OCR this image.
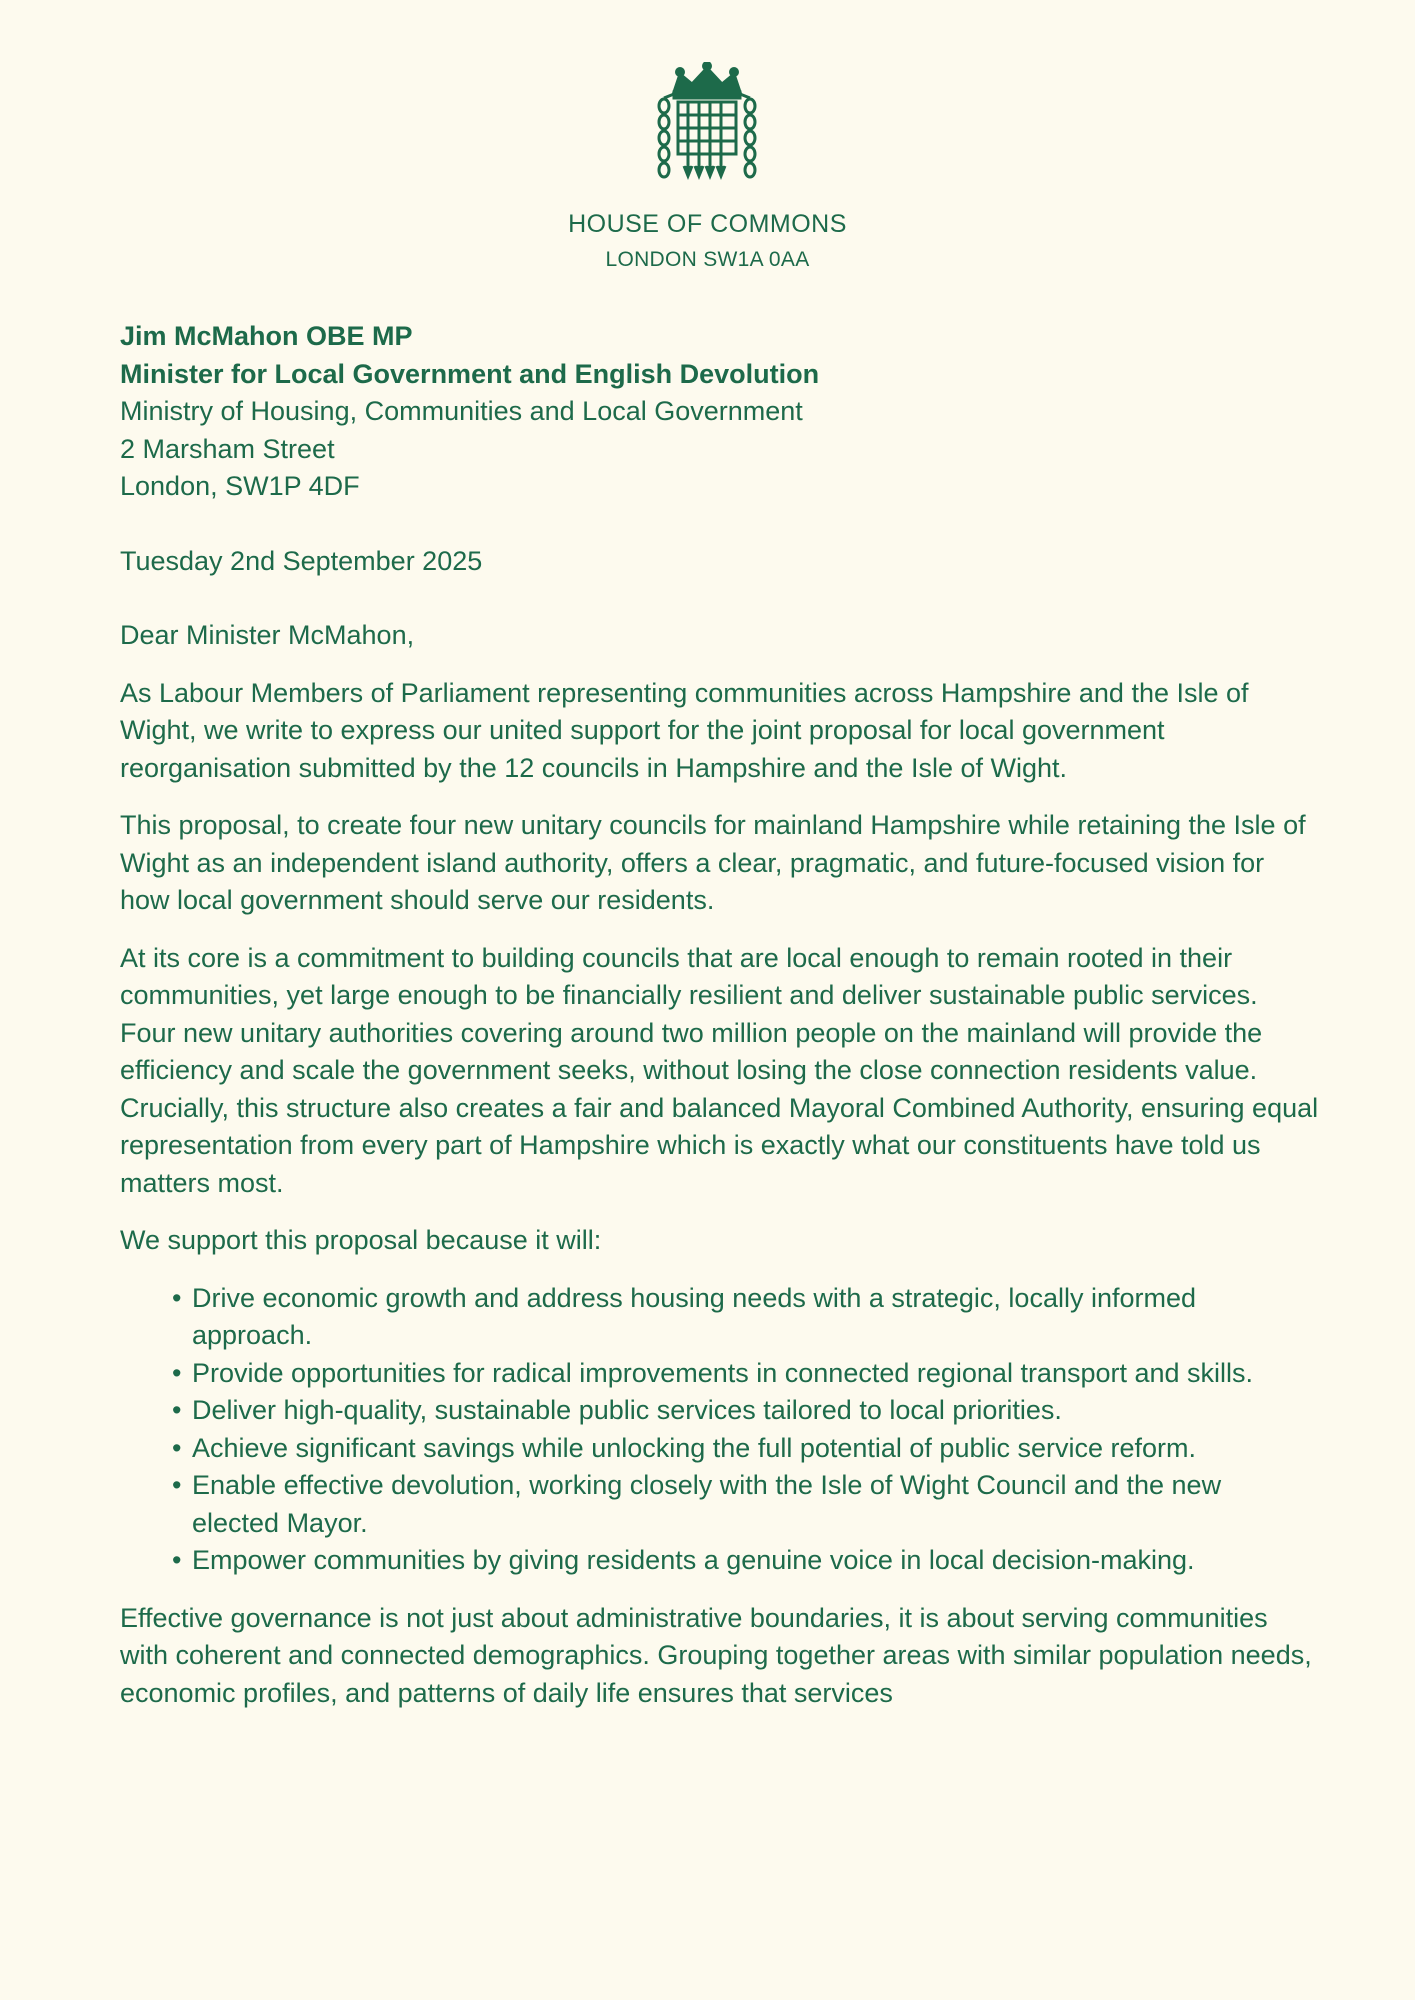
HOUSE OF COMMONS
LONDON SW1A 0AA

Jim McMahon OBE MP

Minister for Local Government and English Devolution

Ministry of Housing, Communities and Local Government

2 Marsham Street

London, SW1P 4DF

Tuesday 2nd September 2025

Dear Minister McMahon,

As Labour Members of Parliament representing communities across Hampshire and the Isle of Wight, we write to express our united support for the joint proposal for local government reorganisation submitted by the 12 councils in Hampshire and the Isle of Wight.

This proposal, to create four new unitary councils for mainland Hampshire while retaining the Isle of Wight as an independent island authority, offers a clear, pragmatic, and future-focused vision for how local government should serve our residents.

At its core is a commitment to building councils that are local enough to remain rooted in their communities, yet large enough to be financially resilient and deliver sustainable public services. Four new unitary authorities covering around two million people on the mainland will provide the efficiency and scale the government seeks, without losing the close connection residents value. Crucially, this structure also creates a fair and balanced Mayoral Combined Authority, ensuring equal representation from every part of Hampshire which is exactly what our constituents have told us matters most.

We support this proposal because it will:

• Drive economic growth and address housing needs with a strategic, locally informed approach.
• Provide opportunities for radical improvements in connected regional transport and skills.
• Deliver high-quality, sustainable public services tailored to local priorities.
• Achieve significant savings while unlocking the full potential of public service reform.
• Enable effective devolution, working closely with the Isle of Wight Council and the new elected Mayor.
• Empower communities by giving residents a genuine voice in local decision-making.

Effective governance is not just about administrative boundaries, it is about serving communities with coherent and connected demographics. Grouping together areas with similar population needs, economic profiles, and patterns of daily life ensures that services
